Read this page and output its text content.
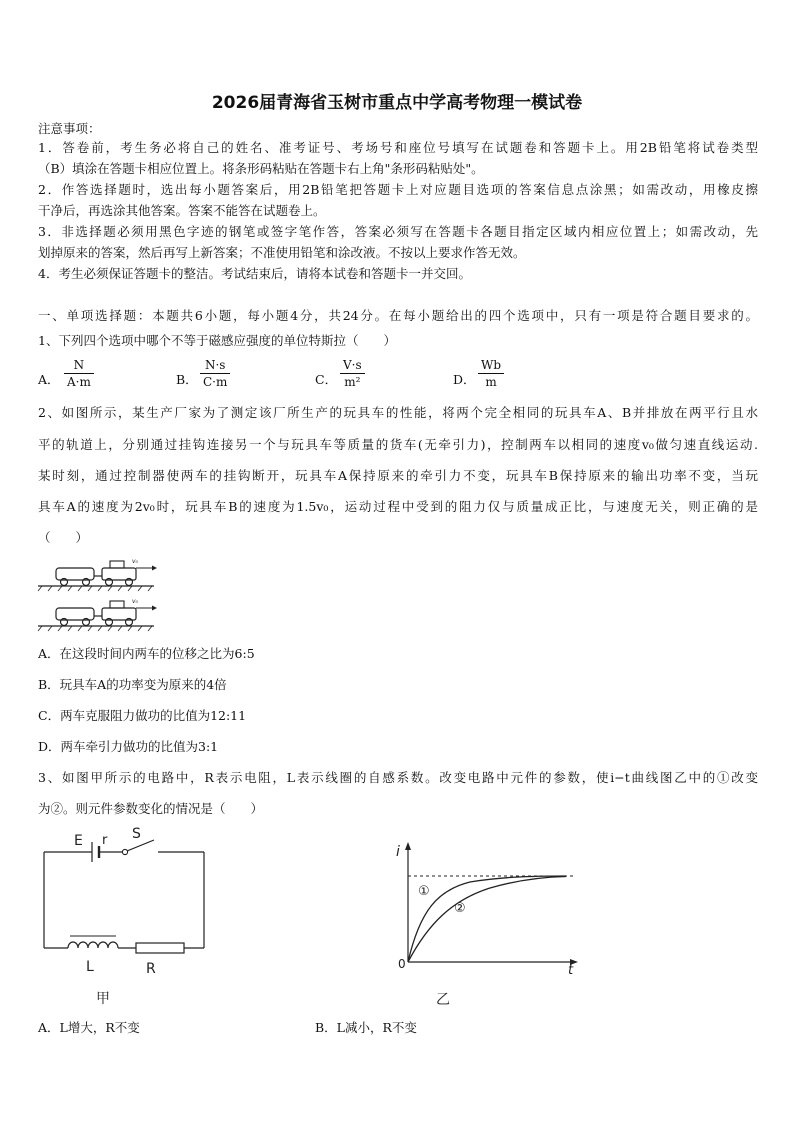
2026届青海省玉树市重点中学高考物理一模试卷
注意事项：
1．答卷前，考生务必将自己的姓名、准考证号、考场号和座位号填写在试题卷和答题卡上。用2B铅笔将试卷类型
（B）填涂在答题卡相应位置上。将条形码粘贴在答题卡右上角"条形码粘贴处"。
2．作答选择题时，选出每小题答案后，用2B铅笔把答题卡上对应题目选项的答案信息点涂黑；如需改动，用橡皮擦
干净后，再选涂其他答案。答案不能答在试题卷上。
3．非选择题必须用黑色字迹的钢笔或签字笔作答，答案必须写在答题卡各题目指定区域内相应位置上；如需改动，先
划掉原来的答案，然后再写上新答案；不准使用铅笔和涂改液。不按以上要求作答无效。
4．考生必须保证答题卡的整洁。考试结束后，请将本试卷和答题卡一并交回。
一、单项选择题：本题共6小题，每小题4分，共24分。在每小题给出的四个选项中，只有一项是符合题目要求的。
1、下列四个选项中哪个不等于磁感应强度的单位特斯拉（　　）
A．
N
A·m	B．
N·s
C·m	C．
V·s
m²	D．
Wb
m
2、如图所示，某生产厂家为了测定该厂所生产的玩具车的性能，将两个完全相同的玩具车A、B并排放在两平行且水
平的轨道上，分别通过挂钩连接另一个与玩具车等质量的货车(无牵引力)，控制两车以相同的速度v₀做匀速直线运动.
某时刻，通过控制器使两车的挂钩断开，玩具车A保持原来的牵引力不变，玩具车B保持原来的输出功率不变，当玩
具车A的速度为2v₀时，玩具车B的速度为1.5v₀，运动过程中受到的阻力仅与质量成正比，与速度无关，则正确的是
（　　）
v₀
v₀
A．在这段时间内两车的位移之比为6:5
B．玩具车A的功率变为原来的4倍
C．两车克服阻力做功的比值为12:11
D．两车牵引力做功的比值为3:1
3、如图甲所示的电路中，R表示电阻，L表示线圈的自感系数。改变电路中元件的参数，使i−t曲线图乙中的①改变
为②。则元件参数变化的情况是（　　）
E r S
L	R
甲
i
t
0
①
②
乙
A．L增大，R不变	B．L减小，R不变
